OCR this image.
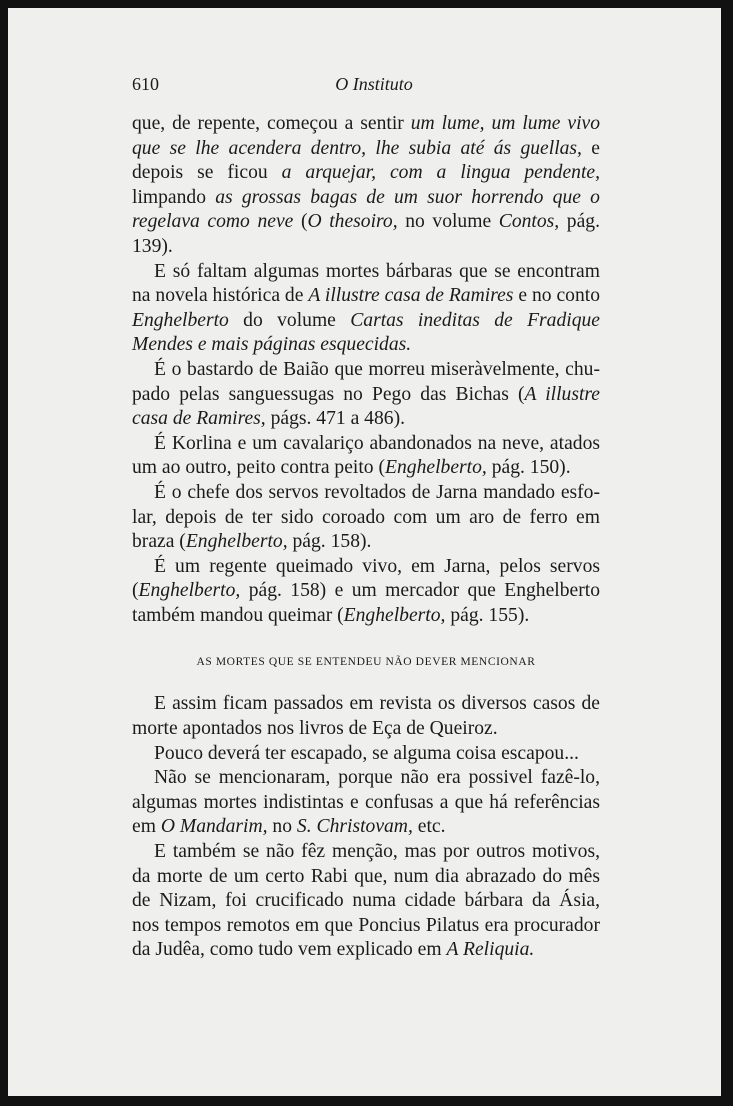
610	O Instituto

que, de repente, começou a sentir um lume, um lume vivo que se lhe acendera dentro, lhe subia até ás guellas, e depois se ficou a arquejar, com a lingua pendente, limpando as grossas bagas de um suor horrendo que o regelava como neve (O thesoiro, no volume Contos, pág. 139).

E só faltam algumas mortes bárbaras que se encontram na novela histórica de A illustre casa de Ramires e no conto Enghelberto do volume Cartas ineditas de Fradique Mendes e mais páginas esquecidas.

É o bastardo de Baião que morreu miseràvelmente, chupado pelas sanguessugas no Pego das Bichas (A illustre casa de Ramires, págs. 471 a 486).

É Korlina e um cavalariço abandonados na neve, atados um ao outro, peito contra peito (Enghelberto, pág. 150).

É o chefe dos servos revoltados de Jarna mandado esfolar, depois de ter sido coroado com um aro de ferro em braza (Enghelberto, pág. 158).

É um regente queimado vivo, em Jarna, pelos servos (Enghelberto, pág. 158) e um mercador que Enghelberto também mandou queimar (Enghelberto, pág. 155).

AS MORTES QUE SE ENTENDEU NÃO DEVER MENCIONAR

E assim ficam passados em revista os diversos casos de morte apontados nos livros de Eça de Queiroz.

Pouco deverá ter escapado, se alguma coisa escapou...

Não se mencionaram, porque não era possivel fazê-lo, algumas mortes indistintas e confusas a que há referências em O Mandarim, no S. Christovam, etc.

E também se não fêz menção, mas por outros motivos, da morte de um certo Rabi que, num dia abrazado do mês de Nizam, foi crucificado numa cidade bárbara da Ásia, nos tempos remotos em que Poncius Pilatus era procurador da Judêa, como tudo vem explicado em A Reliquia.
